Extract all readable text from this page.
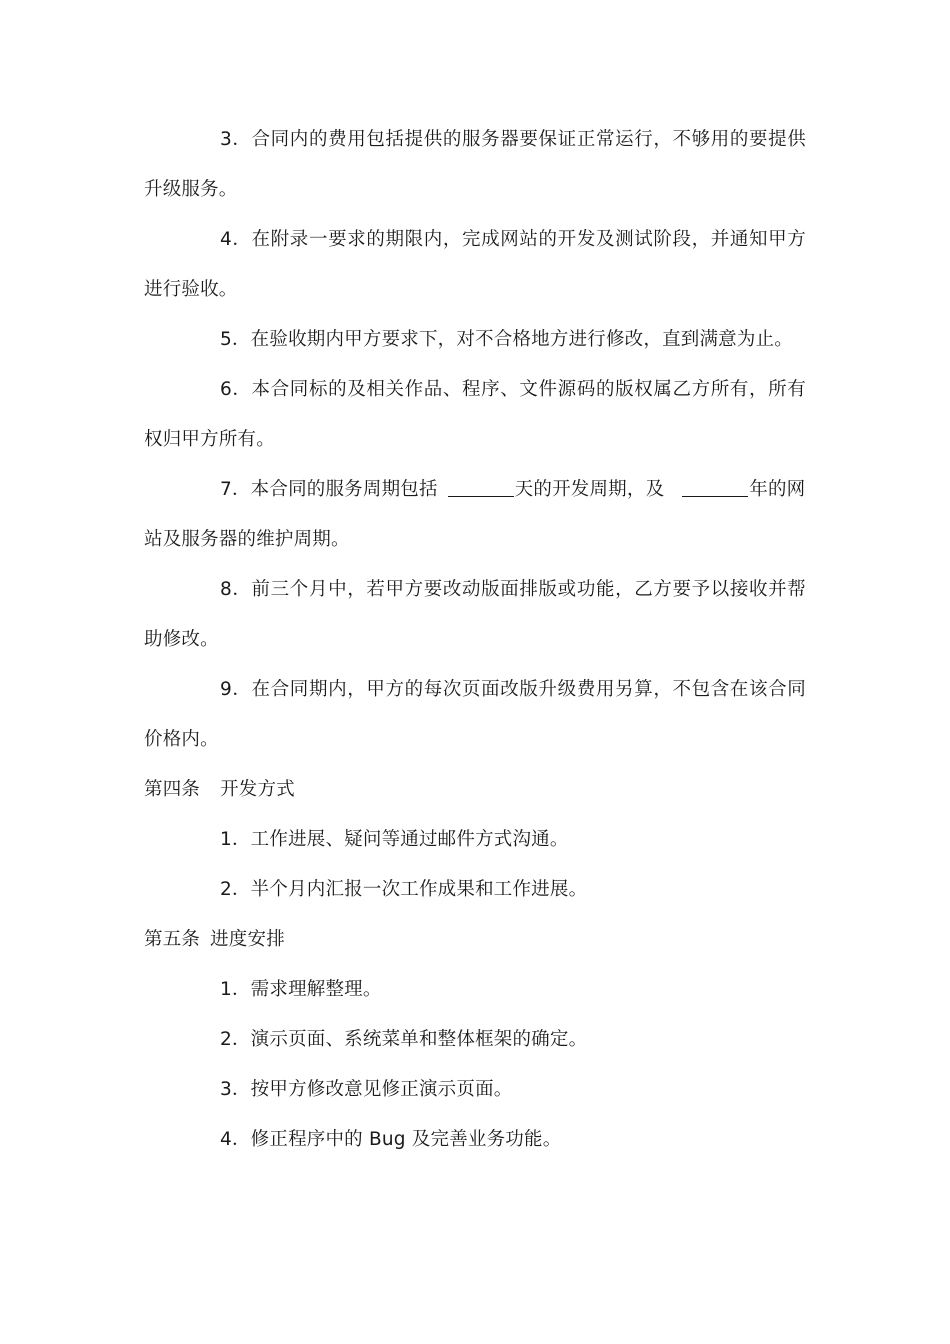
3．合同内的费用包括提供的服务器要保证正常运行，不够用的要提供
升级服务。
4．在附录一要求的期限内，完成网站的开发及测试阶段，并通知甲方
进行验收。
5．在验收期内甲方要求下，对不合格地方进行修改，直到满意为止。
6．本合同标的及相关作品、程序、文件源码的版权属乙方所有，所有
权归甲方所有。
7．本合同的服务周期包括	天的开发周期，及	年的网
站及服务器的维护周期。
8．前三个月中，若甲方要改动版面排版或功能，乙方要予以接收并帮
助修改。
9．在合同期内，甲方的每次页面改版升级费用另算，不包含在该合同
价格内。
第四条 开发方式
1．工作进展、疑问等通过邮件方式沟通。
2．半个月内汇报一次工作成果和工作进展。
第五条 进度安排
1．需求理解整理。
2．演示页面、系统菜单和整体框架的确定。
3．按甲方修改意见修正演示页面。
4．修正程序中的 Bug 及完善业务功能。
